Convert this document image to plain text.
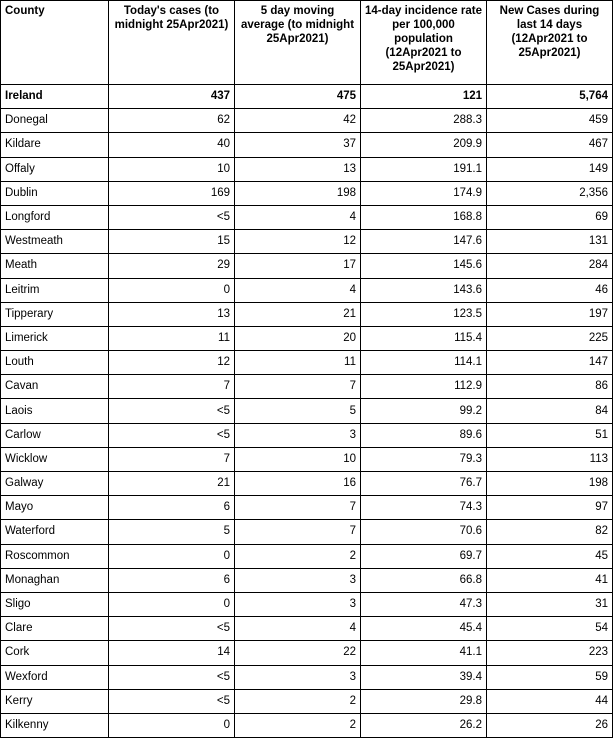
County	Today's cases (to midnight 25Apr2021)	5 day moving average (to midnight 25Apr2021)	14-day incidence rate per 100,000 population (12Apr2021 to 25Apr2021)	New Cases during last 14 days (12Apr2021 to 25Apr2021)
Ireland	437	475	121	5,764
Donegal	62	42	288.3	459
Kildare	40	37	209.9	467
Offaly	10	13	191.1	149
Dublin	169	198	174.9	2,356
Longford	<5	4	168.8	69
Westmeath	15	12	147.6	131
Meath	29	17	145.6	284
Leitrim	0	4	143.6	46
Tipperary	13	21	123.5	197
Limerick	11	20	115.4	225
Louth	12	11	114.1	147
Cavan	7	7	112.9	86
Laois	<5	5	99.2	84
Carlow	<5	3	89.6	51
Wicklow	7	10	79.3	113
Galway	21	16	76.7	198
Mayo	6	7	74.3	97
Waterford	5	7	70.6	82
Roscommon	0	2	69.7	45
Monaghan	6	3	66.8	41
Sligo	0	3	47.3	31
Clare	<5	4	45.4	54
Cork	14	22	41.1	223
Wexford	<5	3	39.4	59
Kerry	<5	2	29.8	44
Kilkenny	0	2	26.2	26
